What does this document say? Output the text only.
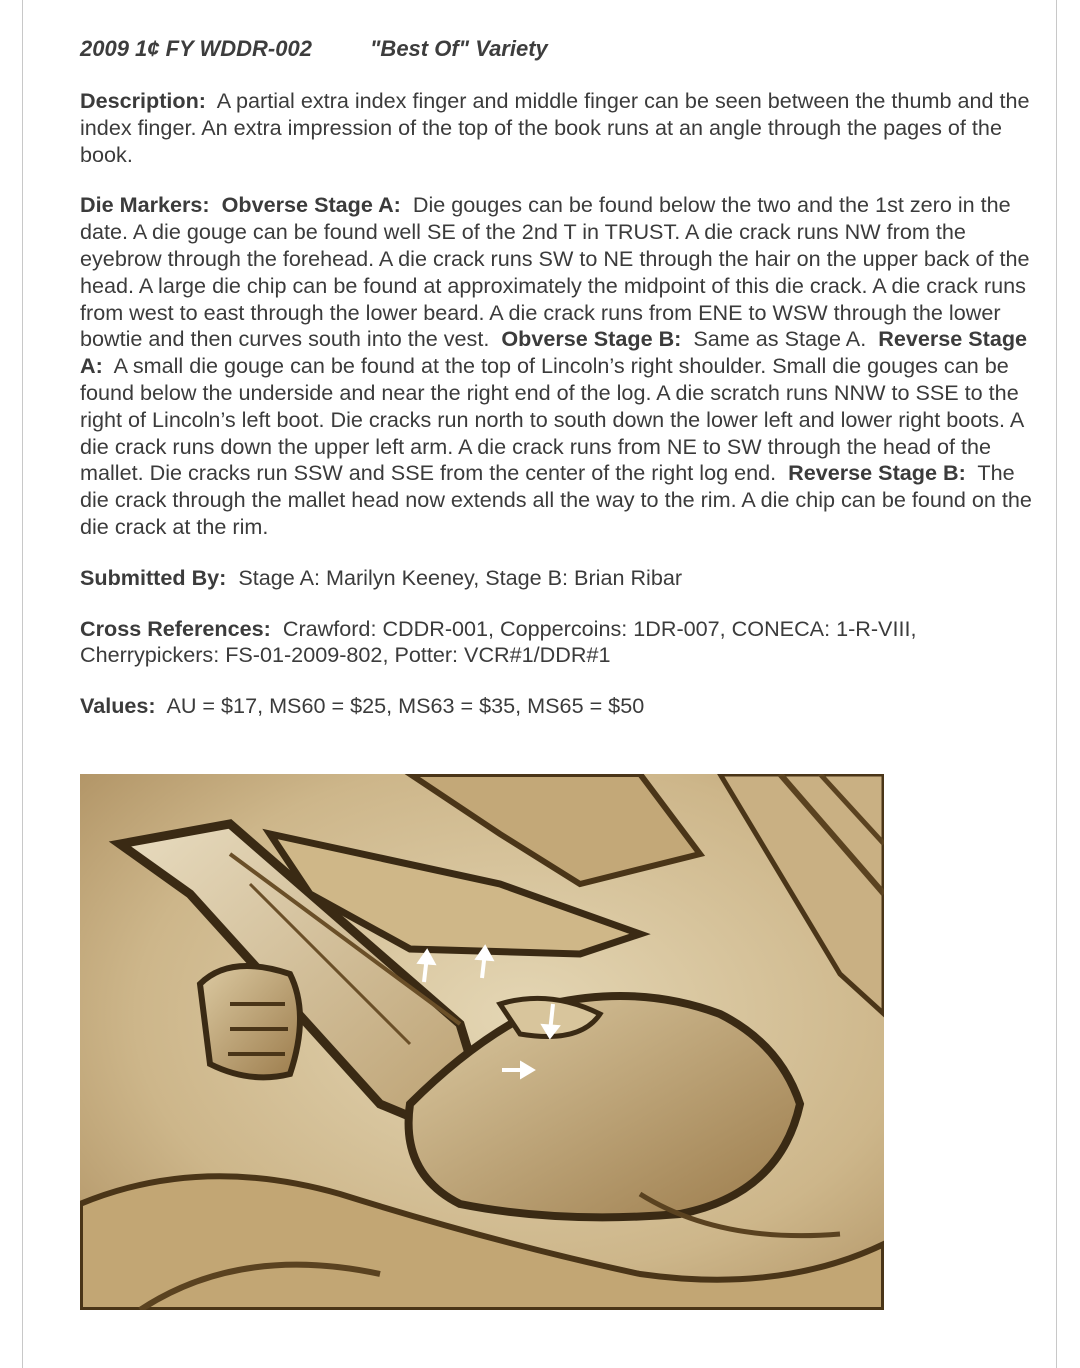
2009 1¢ FY WDDR-002	"Best Of" Variety

Description: A partial extra index finger and middle finger can be seen between the thumb and the index finger. An extra impression of the top of the book runs at an angle through the pages of the book.

Die Markers: Obverse Stage A: Die gouges can be found below the two and the 1st zero in the date. A die gouge can be found well SE of the 2nd T in TRUST. A die crack runs NW from the eyebrow through the forehead. A die crack runs SW to NE through the hair on the upper back of the head. A large die chip can be found at approximately the midpoint of this die crack. A die crack runs from west to east through the lower beard. A die crack runs from ENE to WSW through the lower bowtie and then curves south into the vest. Obverse Stage B: Same as Stage A. Reverse Stage A: A small die gouge can be found at the top of Lincoln’s right shoulder. Small die gouges can be found below the underside and near the right end of the log. A die scratch runs NNW to SSE to the right of Lincoln’s left boot. Die cracks run north to south down the lower left and lower right boots. A die crack runs down the upper left arm. A die crack runs from NE to SW through the head of the mallet. Die cracks run SSW and SSE from the center of the right log end. Reverse Stage B: The die crack through the mallet head now extends all the way to the rim. A die chip can be found on the die crack at the rim.

Submitted By: Stage A: Marilyn Keeney, Stage B: Brian Ribar

Cross References: Crawford: CDDR-001, Coppercoins: 1DR-007, CONECA: 1-R-VIII, Cherrypickers: FS-01-2009-802, Potter: VCR#1/DDR#1

Values: AU = $17, MS60 = $25, MS63 = $35, MS65 = $50
